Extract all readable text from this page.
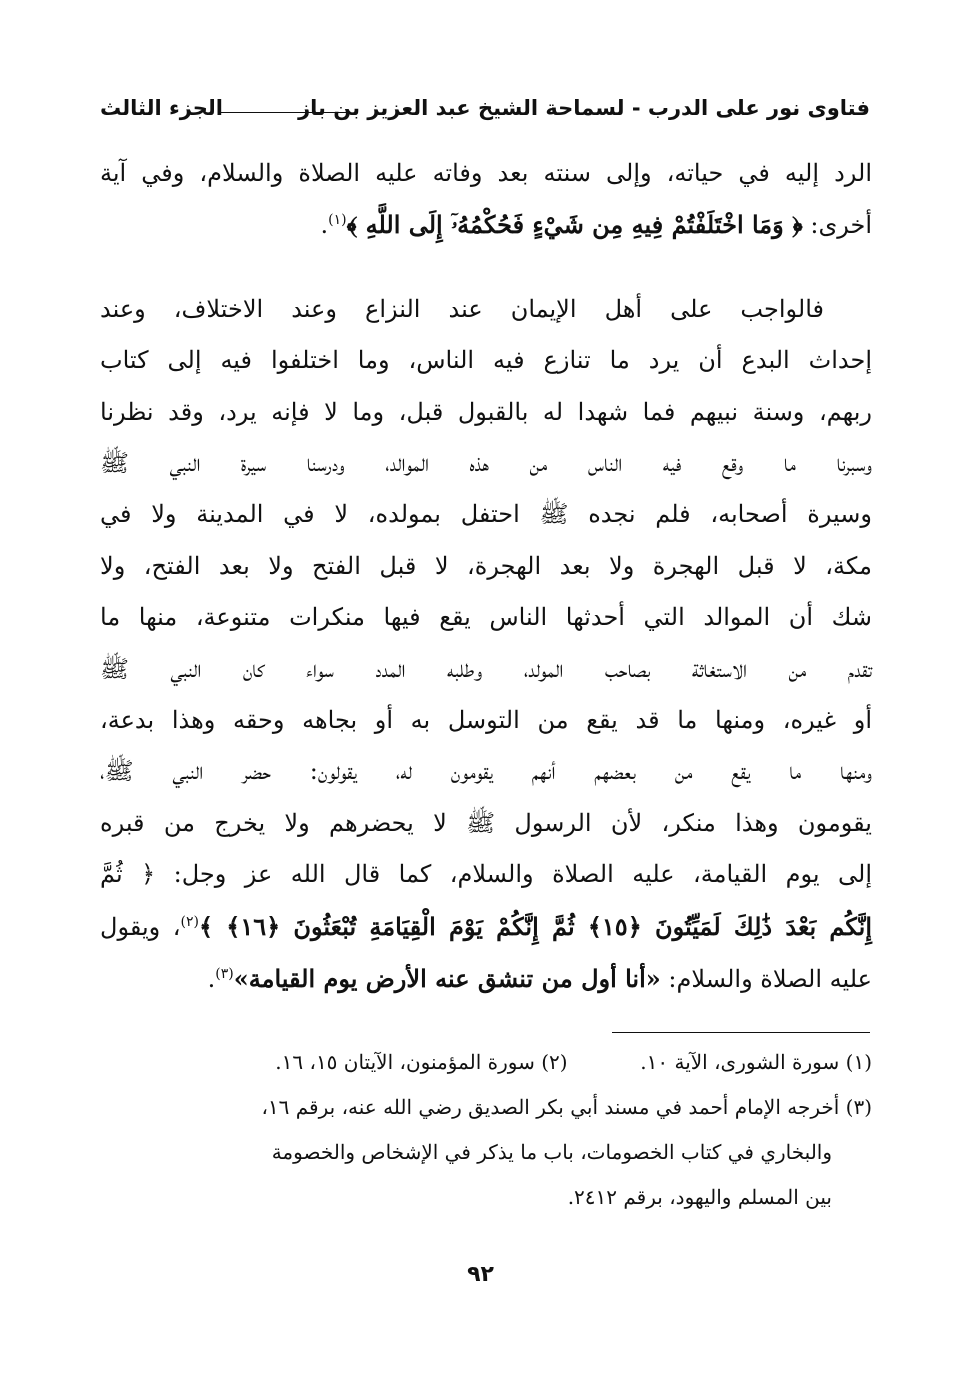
فتاوى نور على الدرب - لسماحة الشيخ عبد العزيز بن باز
الجزء الثالث
الرد إليه في حياته، وإلى سنته بعد وفاته عليه الصلاة والسلام، وفي آية
أخرى: ﴿ وَمَا اخْتَلَفْتُمْ فِيهِ مِن شَيْءٍ فَحُكْمُهُۥٓ إِلَى اللَّهِ ﴾$^{(١)}$.
فالواجب على أهل الإيمان عند النزاع وعند الاختلاف، وعند
إحداث البدع أن يرد ما تنازع فيه الناس، وما اختلفوا فيه إلى كتاب
ربهم، وسنة نبيهم فما شهدا له بالقبول قبل، وما لا فإنه يرد، وقد نظرنا
وسبرنا ما وقع فيه الناس من هذه الموالد، ودرسنا سيرة النبي ﷺ
وسيرة أصحابه، فلم نجده ﷺ احتفل بمولده، لا في المدينة ولا في
مكة، لا قبل الهجرة ولا بعد الهجرة، لا قبل الفتح ولا بعد الفتح، ولا
شك أن الموالد التي أحدثها الناس يقع فيها منكرات متنوعة، منها ما
تقدم من الاستغاثة بصاحب المولد، وطلبه المدد سواء كان النبي ﷺ
أو غيره، ومنها ما قد يقع من التوسل به أو بجاهه وحقه وهذا بدعة،
ومنها ما يقع من بعضهم أنهم يقومون له، يقولون: حضر النبي ﷺ،
يقومون وهذا منكر، لأن الرسول ﷺ لا يحضرهم ولا يخرج من قبره
إلى يوم القيامة، عليه الصلاة والسلام، كما قال الله عز وجل: ﴿ ثُمَّ
إِنَّكُم بَعْدَ ذَٰلِكَ لَمَيِّتُونَ ﴿١٥﴾ ثُمَّ إِنَّكُمْ يَوْمَ الْقِيَامَةِ تُبْعَثُونَ ﴿١٦﴾ ﴾$^{(٢)}$، ويقول
عليه الصلاة والسلام: «أنا أول من تنشق عنه الأرض يوم القيامة»$^{(٣)}$.
(١) سورة الشورى، الآية ١٠.  (٢) سورة المؤمنون، الآيتان ١٥، ١٦.
(٣) أخرجه الإمام أحمد في مسند أبي بكر الصديق رضي الله عنه، برقم ١٦،
والبخاري في كتاب الخصومات، باب ما يذكر في الإشخاص والخصومة
بين المسلم واليهود، برقم ٢٤١٢.
٩٢
